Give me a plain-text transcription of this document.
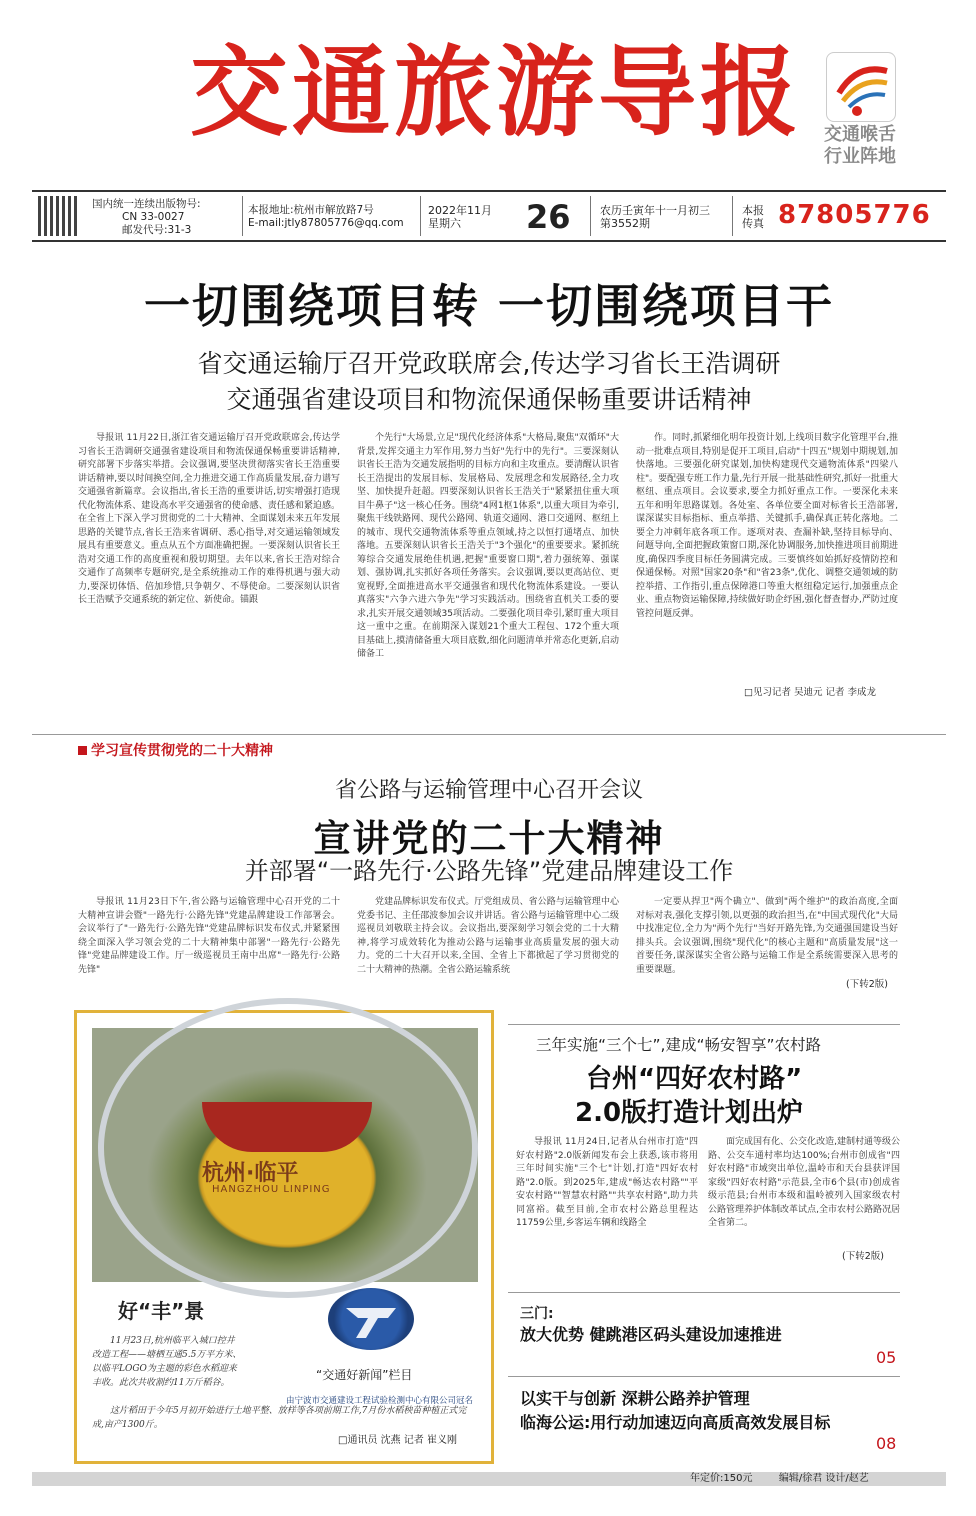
交通旅游导报	交通喉舌
行业阵地
国内统一连续出版物号:
CN 33-0027
邮发代号:31-3
本报地址:杭州市解放路7号
E-mail:jtly87805776@qq.com
2022年11月
星期六	26	农历壬寅年十一月初三
第3552期
本报
传真 87805776
一切围绕项目转 一切围绕项目干
省交通运输厅召开党政联席会,传达学习省长王浩调研
交通强省建设项目和物流保通保畅重要讲话精神

导报讯 11月22日,浙江省交通运输厅召开党政联席会,传达学习省长王浩调研交通强省建设项目和物流保通保畅重要讲话精神,研究部署下步落实举措。会议强调,要坚决贯彻落实省长王浩重要讲话精神,要以时间换空间,全力推进交通工作高质量发展,奋力谱写交通强省新篇章。会议指出,省长王浩的重要讲话,切实增强打造现代化物流体系、建设高水平交通强省的使命感、责任感和紧迫感。在全省上下深入学习贯彻党的二十大精神、全面谋划未来五年发展思路的关键节点,省长王浩来省调研、悉心指导,对交通运输领域发展具有重要意义。重点从五个方面准确把握。一要深刻认识省长王浩对交通工作的高度重视和殷切期望。去年以来,省长王浩对综合交通作了高频率专题研究,是全系统推动工作的难得机遇与强大动力,要深切体悟、倍加珍惜,只争朝夕、不辱使命。二要深刻认识省长王浩赋予交通系统的新定位、新使命。锚跟

个先行"大场景,立足"现代化经济体系"大格局,聚焦"双循环"大背景,发挥交通主力军作用,努力当好"先行中的先行"。三要深刻认识省长王浩为交通发展指明的目标方向和主攻重点。要清醒认识省长王浩提出的发展目标、发展格局、发展理念和发展路径,全力攻坚、加快提升赶超。四要深刻认识省长王浩关于"紧紧扭住重大项目牛鼻子"这一核心任务。围绕"4网1枢1体系",以重大项目为牵引,聚焦干线铁路网、现代公路网、轨道交通网、港口交通网、枢纽上的城市、现代交通物流体系等重点领域,持之以恒打通堵点、加快落地。五要深刻认识省长王浩关于"3个强化"的重要要求。紧抓统筹综合交通发展绝佳机遇,把握"重要窗口期",着力强统筹、强谋划、强协调,扎实抓好各项任务落实。会议强调,要以更高站位、更宽视野,全面推进高水平交通强省和现代化物流体系建设。一要认真落实"六争六进六争先"学习实践活动。围绕省直机关工委的要求,扎实开展交通领域35项活动。二要强化项目牵引,紧盯重大项目这一重中之重。在前期深入谋划21个重大工程包、172个重大项目基础上,摸清储备重大项目底数,细化问题清单并常态化更新,启动储备工

作。同时,抓紧细化明年投资计划,上线项目数字化管理平台,推动一批难点项目,特别是促开工项目,启动"十四五"规划中期规划,加快落地。三要强化研究谋划,加快构建现代交通物流体系"四梁八柱"。要配强专班工作力量,先行开展一批基础性研究,抓好一批重大枢纽、重点项目。会议要求,要全力抓好重点工作。一要深化未来五年和明年思路谋划。各处室、各单位要全面对标省长王浩部署,谋深谋实目标指标、重点举措、关键抓手,确保真正转化落地。二要全力冲刺年底各项工作。逐项对表、查漏补缺,坚持目标导向、问题导向,全面把握政策窗口期,深化协调服务,加快推进项目前期进度,确保四季度目标任务圆满完成。三要慎终如始抓好疫情防控和保通保畅。对照"国家20条"和"省23条",优化、调整交通领域的防控举措、工作指引,重点保障港口等重大枢纽稳定运行,加强重点企业、重点物资运输保障,持续做好助企纾困,强化督查督办,严防过度管控问题反弹。

□见习记者 吴迪元 记者 李成龙
学习宣传贯彻党的二十大精神
省公路与运输管理中心召开会议
宣讲党的二十大精神
并部署“一路先行·公路先锋”党建品牌建设工作

导报讯 11月23日下午,省公路与运输管理中心召开党的二十大精神宣讲会暨"一路先行·公路先锋"党建品牌建设工作部署会。会议举行了"一路先行·公路先锋"党建品牌标识发布仪式,并紧紧围绕全面深入学习领会党的二十大精神集中部署"一路先行·公路先锋"党建品牌建设工作。厅一级巡视员王南中出席"一路先行·公路先锋"

党建品牌标识发布仪式。厅党组成员、省公路与运输管理中心党委书记、主任邵波参加会议并讲话。省公路与运输管理中心二级巡视员刘敬联主持会议。会议指出,要深刻学习领会党的二十大精神,将学习成效转化为推动公路与运输事业高质量发展的强大动力。党的二十大召开以来,全国、全省上下都掀起了学习贯彻党的二十大精神的热潮。全省公路运输系统

一定要从捍卫"两个确立"、做到"两个维护"的政治高度,全面对标对表,强化支撑引领,以更强的政治担当,在"中国式现代化"大局中找准定位,全力为"两个先行"当好开路先锋,为交通强国建设当好排头兵。会议强调,围绕"现代化"的核心主题和"高质量发展"这一首要任务,谋深谋实全省公路与运输工作是全系统需要深入思考的重要课题。

(下转2版)
杭州·临平
HANGZHOU LINPING
好“丰”景
11月23日,杭州临平入城口控井改造工程——塘栖互通5.5万平方米、以临平LOGO为主题的彩色水稻迎来丰收。此次共收割约11万斤稻谷。
这片稻田于今年5月初开始进行土地平整、放样等各项前期工作,7月份水稻秧苗种植正式完成,亩产1300斤。
□通讯员 沈燕 记者 崔义刚
“交通好新闻”栏目
由宁波市交通建设工程试验检测中心有限公司冠名
三年实施“三个七”,建成“畅安智享”农村路
台州“四好农村路”
2.0版打造计划出炉

导报讯 11月24日,记者从台州市打造"四好农村路"2.0版新闻发布会上获悉,该市将用三年时间实施"三个七"计划,打造"四好农村路"2.0版。到2025年,建成"畅达农村路""平安农村路""智慧农村路""共享农村路",助力共同富裕。截至目前,全市农村公路总里程达11759公里,乡客运车辆和线路全

面完成国有化、公交化改造,建制村通等级公路、公交车通村率均达100%;台州市创成省"四好农村路"市域突出单位,温岭市和天台县获评国家级"四好农村路"示范县,全市6个县(市)创成省级示范县;台州市本级和温岭被列入国家级农村公路管理养护体制改革试点,全市农村公路路况居全省第二。

(下转2版)
三门:
放大优势 健跳港区码头建设加速推进
05
以实干与创新 深耕公路养护管理
临海公运:用行动加速迈向高质高效发展目标
08
年定价:150元	编辑/徐君 设计/赵艺
